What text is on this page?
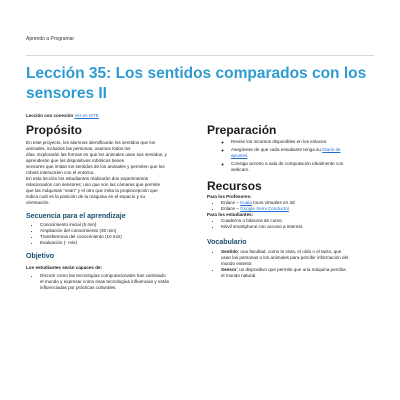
Aprendo a Programar
Lección 35: Los sentidos comparados con los sensores II
Lección con conexión Ver en ISTE
Propósito

En este proyecto, los alumnos identificarán los sentidos que los
animales, incluidos las personas, usamos todos los
días. Explorarán las formas en que los animales usan sus sentidos, y
aprenderán que los dispositivos robóticos tienen
sensores que imitan los sentidos de los animales y permiten que los
robots interactúen con el entorno.

En esta lección los estudiantes realizarán dos experimentos
relacionados con sensores; uno que son las cámaras que permite
que las máquinas "vean" y el otro que imita la propiocepción que
indica cuál es la posición de la máquina en el espacio y su
orientación.

Secuencia para el aprendizaje
• Conocimiento inicial (5 min)
• Ampliación del conocimiento (30 min)
• Transferencia del conocimiento (10 min)
• Evaluación (- min)
Objetivo
Los estudiantes serán capaces de:
• Discutir como las tecnologías computacionales han cambiado
el mundo y expresar como esas tecnologías influencian y están
influenciadas por prácticas culturales.
Preparación
◦ Revise los recursos disponibles en los enlaces.
◦ Asegúrese de que cada estudiante tenga su Diario de
apuntes.
◦ Consiga acceso a sala de computación idealmente con
webcam.
Recursos
Para los Profesores:
• Enlace – Kuala tours virtuales en 3d
• Enlace – Google Semi Conductor.
Para los estudiantes:
• Cuaderno o bitácora de curso.
• Móvil smartphone con acceso a internet.
Vocabulario
• Sentido: una facultad, como la vista, el oído o el tacto, que
usan las personas o los animales para percibir información del
mundo exterior.
• Sensor: un dispositivo que permite que una máquina perciba
el mundo natural.
